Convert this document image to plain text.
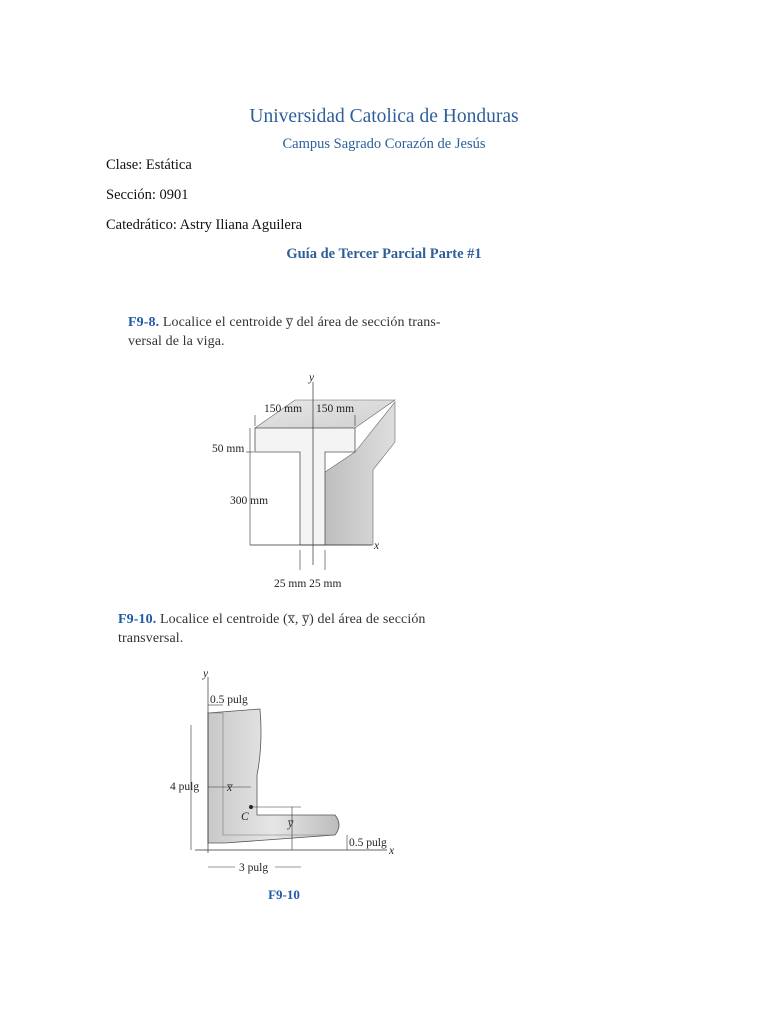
Universidad Catolica de Honduras
Campus Sagrado Corazón de Jesús
Clase: Estática
Sección: 0901
Catedrático: Astry Iliana Aguilera
Guía de Tercer Parcial Parte #1
F9-8. Localice el centroide y̅ del área de sección trans-
versal de la viga.
y
x
150 mm 150 mm
50 mm
300 mm
25 mm 25 mm
F9-10. Localice el centroide (x̅, y̅) del área de sección
transversal.
y
x
0.5 pulg
4 pulg x̅
C
y̅
0.5 pulg
3 pulg
F9-10
